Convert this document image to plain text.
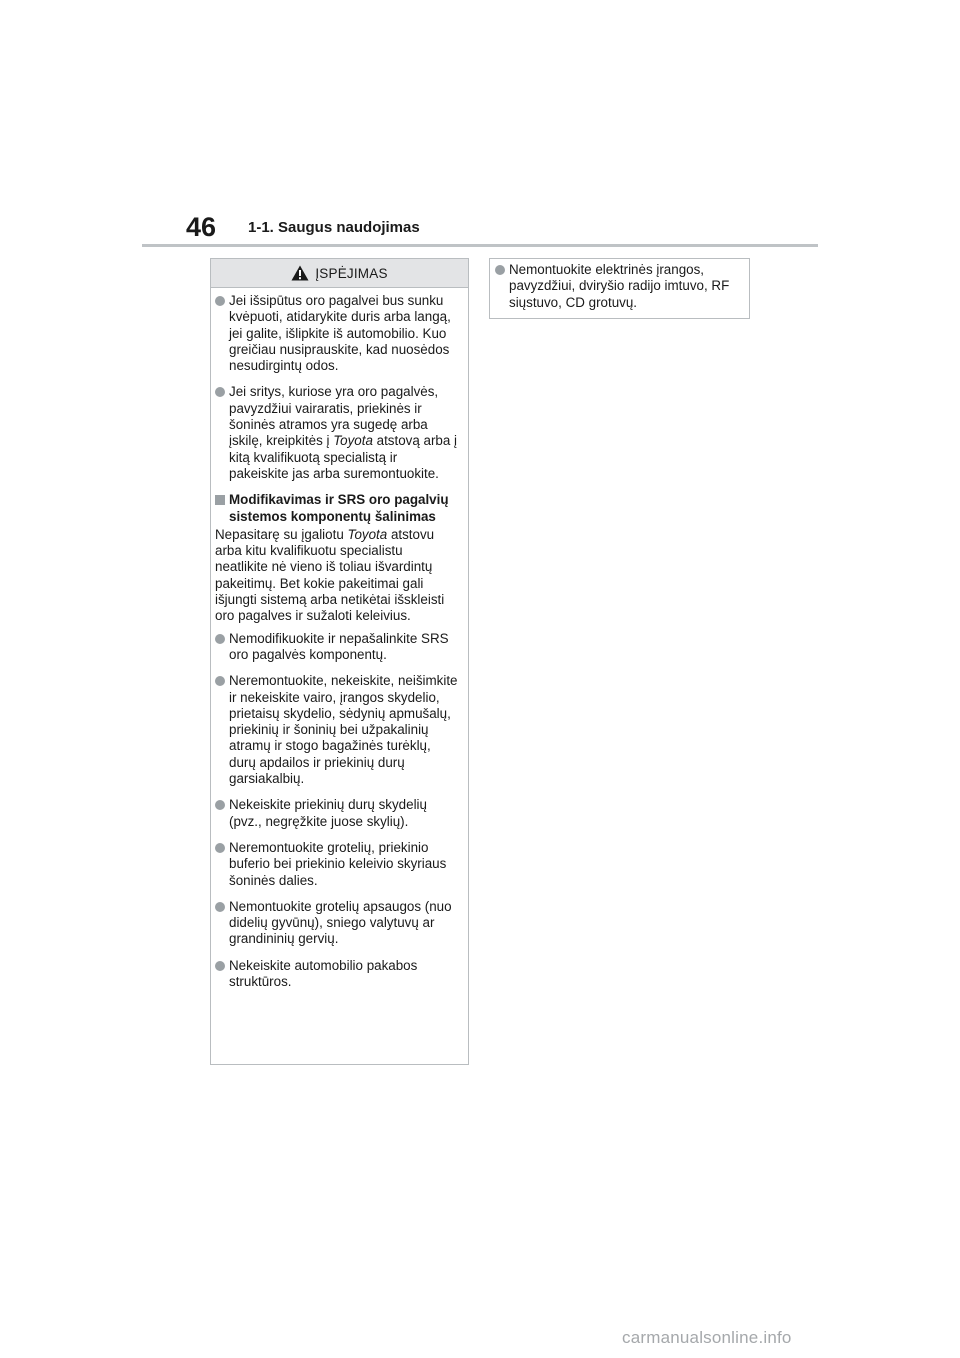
46 1-1. Saugus naudojimas
ĮSPĖJIMAS
Jei išsipūtus oro pagalvei bus sunku kvėpuoti, atidarykite duris arba langą, jei galite, išlipkite iš automobilio. Kuo greičiau nusiprauskite, kad nuosėdos nesudirgintų odos.
Jei sritys, kuriose yra oro pagalvės, pavyzdžiui vairaratis, priekinės ir šoninės atramos yra sugedę arba įskilę, kreipkitės į Toyota atstovą arba į kitą kvalifikuotą specialistą ir pakeiskite jas arba suremontuokite.
Modifikavimas ir SRS oro pagalvių sistemos komponentų šalinimas
Nepasitarę su įgaliotu Toyota atstovu arba kitu kvalifikuotu specialistu neatlikite nė vieno iš toliau išvardintų pakeitimų. Bet kokie pakeitimai gali išjungti sistemą arba netikėtai išskleisti oro pagalves ir sužaloti keleivius.
Nemodifikuokite ir nepašalinkite SRS oro pagalvės komponentų.
Neremontuokite, nekeiskite, neišimkite ir nekeiskite vairo, įrangos skydelio, prietaisų skydelio, sėdynių apmušalų, priekinių ir šoninių bei užpakalinių atramų ir stogo bagažinės turėklų, durų apdailos ir priekinių durų garsiakalbių.
Nekeiskite priekinių durų skydelių (pvz., negręžkite juose skylių).
Neremontuokite grotelių, priekinio buferio bei priekinio keleivio skyriaus šoninės dalies.
Nemontuokite grotelių apsaugos (nuo didelių gyvūnų), sniego valytuvų ar grandininių gervių.
Nekeiskite automobilio pakabos struktūros.
Nemontuokite elektrinės įrangos, pavyzdžiui, dviryšio radijo imtuvo, RF siųstuvo, CD grotuvų.
carmanualsonline.info
